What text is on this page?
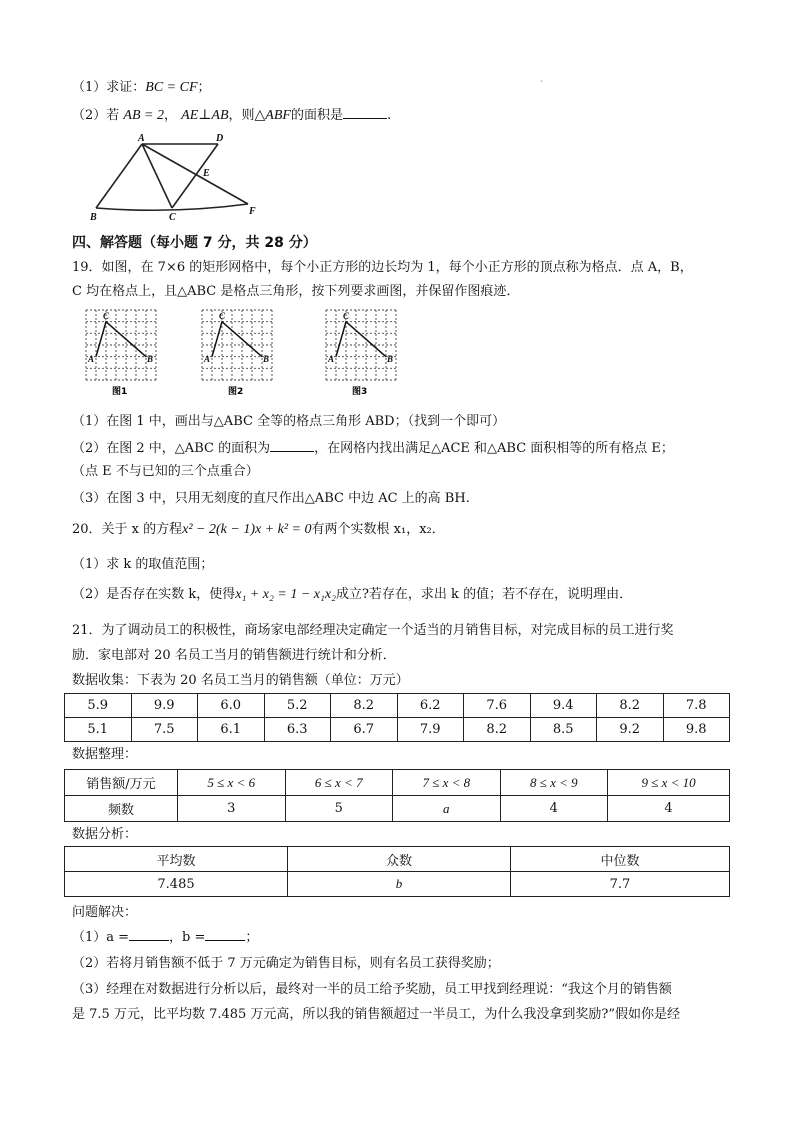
（1）求证：BC = CF；	`
（2）若 AB = 2， AE⊥AB，则△ABF的面积是	.
A	D
E
B	C
F
四、解答题（每小题 7 分，共 28 分）
19．如图，在 7×6 的矩形网格中，每个小正方形的边长均为 1，每个小正方形的顶点称为格点．点 A，B，
C 均在格点上，且△ABC 是格点三角形，按下列要求画图，并保留作图痕迹．
C
A	B
图1
C
A	B
图2
C
A	B
图3
（1）在图 1 中，画出与△ABC 全等的格点三角形 ABD；（找到一个即可）
（2）在图 2 中，△ABC 的面积为	，在网格内找出满足△ACE 和△ABC 面积相等的所有格点 E；
（点 E 不与已知的三个点重合）
（3）在图 3 中，只用无刻度的直尺作出△ABC 中边 AC 上的高 BH.
20．关于 x 的方程x² − 2(k − 1)x + k² = 0有两个实数根 x₁，x₂．
（1）求 k 的取值范围；
（2）是否存在实数 k，使得x₁ + x₂ = 1 − x₁x₂成立?若存在，求出 k 的值；若不存在，说明理由．
21．为了调动员工的积极性，商场家电部经理决定确定一个适当的月销售目标，对完成目标的员工进行奖
励．家电部对 20 名员工当月的销售额进行统计和分析．
数据收集：下表为 20 名员工当月的销售额（单位：万元）
5.9	9.9	6.0	5.2	8.2	6.2	7.6	9.4	8.2	7.8
5.1	7.5	6.1	6.3	6.7	7.9	8.2	8.5	9.2	9.8
数据整理：
销售额/万元	5 ≤ x < 6	6 ≤ x < 7	7 ≤ x < 8	8 ≤ x < 9	9 ≤ x < 10
频数	3	5	a	4	4
数据分析：
平均数	众数	中位数
7.485	b	7.7
问题解决：
（1）a =	，b =	；
（2）若将月销售额不低于 7 万元确定为销售目标，则有名员工获得奖励；
（3）经理在对数据进行分析以后，最终对一半的员工给予奖励，员工甲找到经理说：“我这个月的销售额
是 7.5 万元，比平均数 7.485 万元高，所以我的销售额超过一半员工，为什么我没拿到奖励?”假如你是经
